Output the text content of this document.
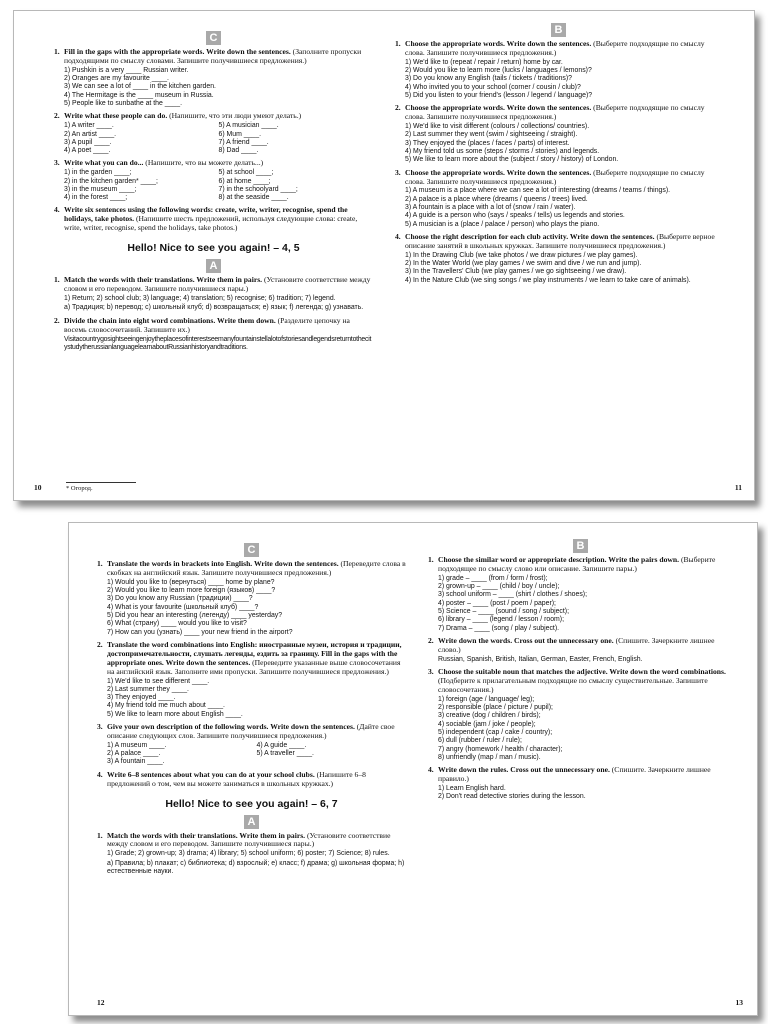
C

1. Fill in the gaps with the appropriate words. Write down the sentences. (Заполните пропуски подходящими по смыслу словами. Запишите получившиеся предложения.)

1) Pushkin is a very ____ Russian writer.
2) Oranges are my favourite ____.
3) We can see a lot of ____ in the kitchen garden.
4) The Hermitage is the ____ museum in Russia.
5) People like to sunbathe at the ____.

2. Write what these people can do. (Напишите, что эти люди умеют делать.)

1) A writer ____.	5) A musician ____.
2) An artist ____.	6) Mum ____.
3) A pupil ____.	7) A friend ____.
4) A poet ____.	8) Dad ____.

3. Write what you can do... (Напишите, что вы можете делать...)

1) in the garden ____;	5) at school ____;
2) in the kitchen garden* ____;	6) at home ____;
3) in the museum ____;	7) in the schoolyard ____;
4) in the forest ____;	8) at the seaside ____.

4. Write six sentences using the following words: create, write, writer, recognise, spend the holidays, take photos. (Напишите шесть предложений, используя следующие слова: create, write, writer, recognise, spend the holidays, take photos.)

Hello! Nice to see you again! – 4, 5
A

1. Match the words with their translations. Write them in pairs. (Установите соответствие между словом и его переводом. Запишите получившиеся пары.)

1) Return; 2) school club; 3) language; 4) translation; 5) recognise; 6) tradition; 7) legend.
a) Традиция; b) перевод; c) школьный клуб; d) возвращаться; e) язык; f) легенда; g) узнавать.

2. Divide the chain into eight word combinations. Write them down. (Разделите цепочку на восемь словосочетаний. Запишите их.)

VisitacountrygosightseeingenjoytheplacesofinterestseemanyfountainstellalotofstoriesandlegendsreturntothecitystudytherussianlanguagelearnaboutRussianhistoryandtraditions.
10	* Огород.
B

1. Choose the appropriate words. Write down the sentences. (Выберите подходящие по смыслу слова. Запишите получившиеся предложения.)

1) We'd like to (repeat / repair / return) home by car.
2) Would you like to learn more (lucks / languages / lemons)?
3) Do you know any English (tails / tickets / traditions)?
4) Who invited you to your school (corner / cousin / club)?
5) Did you listen to your friend's (lesson / legend / language)?

2. Choose the appropriate words. Write down the sentences. (Выберите подходящие по смыслу слова. Запишите получившиеся предложения.)

1) We'd like to visit different (colours / collections/ countries).
2) Last summer they went (swim / sightseeing / straight).
3) They enjoyed the (places / faces / parts) of interest.
4) My friend told us some (steps / storms / stories) and legends.
5) We like to learn more about the (subject / story / history) of London.

3. Choose the appropriate words. Write down the sentences. (Выберите подходящие по смыслу слова. Запишите получившиеся предложения.)

1) A museum is a place where we can see a lot of interesting (dreams / teams / things).
2) A palace is a place where (dreams / queens / trees) lived.
3) A fountain is a place with a lot of (snow / rain / water).
4) A guide is a person who (says / speaks / tells) us legends and stories.
5) A musician is a (place / palace / person) who plays the piano.

4. Choose the right description for each club activity. Write down the sentences. (Выберите верное описание занятий в школьных кружках. Запишите получившиеся предложения.)

1) In the Drawing Club (we take photos / we draw pictures / we play games).
2) In the Water World (we play games / we swim and dive / we run and jump).
3) In the Travellers' Club (we play games / we go sightseeing / we draw).
4) In the Nature Club (we sing songs / we play instruments / we learn to take care of animals).
11
C

1. Translate the words in brackets into English. Write down the sentences. (Переведите слова в скобках на английский язык. Запишите получившиеся предложения.)

1) Would you like to (вернуться) ____ home by plane?
2) Would you like to learn more foreign (языков) ____?
3) Do you know any Russian (традиции) ____?
4) What is your favourite (школьный клуб) ____?
5) Did you hear an interesting (легенду) ____ yesterday?
6) What (страну) ____ would you like to visit?
7) How can you (узнать) ____ your new friend in the airport?

2. Translate the word combinations into English: иностранные музеи, история и традиции, достопримечательности, слушать легенды, ездить за границу. Fill in the gaps with the appropriate ones. Write down the sentences. (Переведите указанные выше словосочетания на английский язык. Заполните ими пропуски. Запишите получившиеся предложения.)

1) We'd like to see different ____.
2) Last summer they ____.
3) They enjoyed ____.
4) My friend told me much about ____.
5) We like to learn more about English ____.

3. Give your own description of the following words. Write down the sentences. (Дайте свое описание следующих слов. Запишите получившиеся предложения.)

1) A museum ____.	4) A guide ____.
2) A palace ____.	5) A traveller ____.
3) A fountain ____.

4. Write 6–8 sentences about what you can do at your school clubs. (Напишите 6–8 предложений о том, чем вы можете заниматься в школьных кружках.)

Hello! Nice to see you again! – 6, 7
A

1. Match the words with their translations. Write them in pairs. (Установите соответствие между словом и его переводом. Запишите получившиеся пары.)

1) Grade; 2) grown-up; 3) drama; 4) library; 5) school uniform; 6) poster; 7) Science; 8) rules.
a) Правила; b) плакат; c) библиотека; d) взрослый; e) класс; f) драма; g) школьная форма; h) естественные науки.
12
B

1. Choose the similar word or appropriate description. Write the pairs down. (Выберите подходящее по смыслу слово или описание. Запишите пары.)

1) grade – ____ (from / form / frost);
2) grown-up – ____ (child / boy / uncle);
3) school uniform – ____ (shirt / clothes / shoes);
4) poster – ____ (post / poem / paper);
5) Science – ____ (sound / song / subject);
6) library – ____ (legend / lesson / room);
7) Drama – ____ (song / play / subject).

2. Write down the words. Cross out the unnecessary one. (Спишите. Зачеркните лишнее слово.)

Russian, Spanish, British, Italian, German, Easter, French, English.

3. Choose the suitable noun that matches the adjective. Write down the word combinations. (Подберите к прилагательным подходящие по смыслу существительные. Запишите словосочетания.)

1) foreign (age / language/ leg);
2) responsible (place / picture / pupil);
3) creative (dog / children / birds);
4) sociable (jam / joke / people);
5) independent (cap / cake / country);
6) dull (rubber / ruler / rule);
7) angry (homework / health / character);
8) unfriendly (map / man / music).

4. Write down the rules. Cross out the unnecessary one. (Спишите. Зачеркните лишнее правило.)

1) Learn English hard.
2) Don't read detective stories during the lesson.
13
